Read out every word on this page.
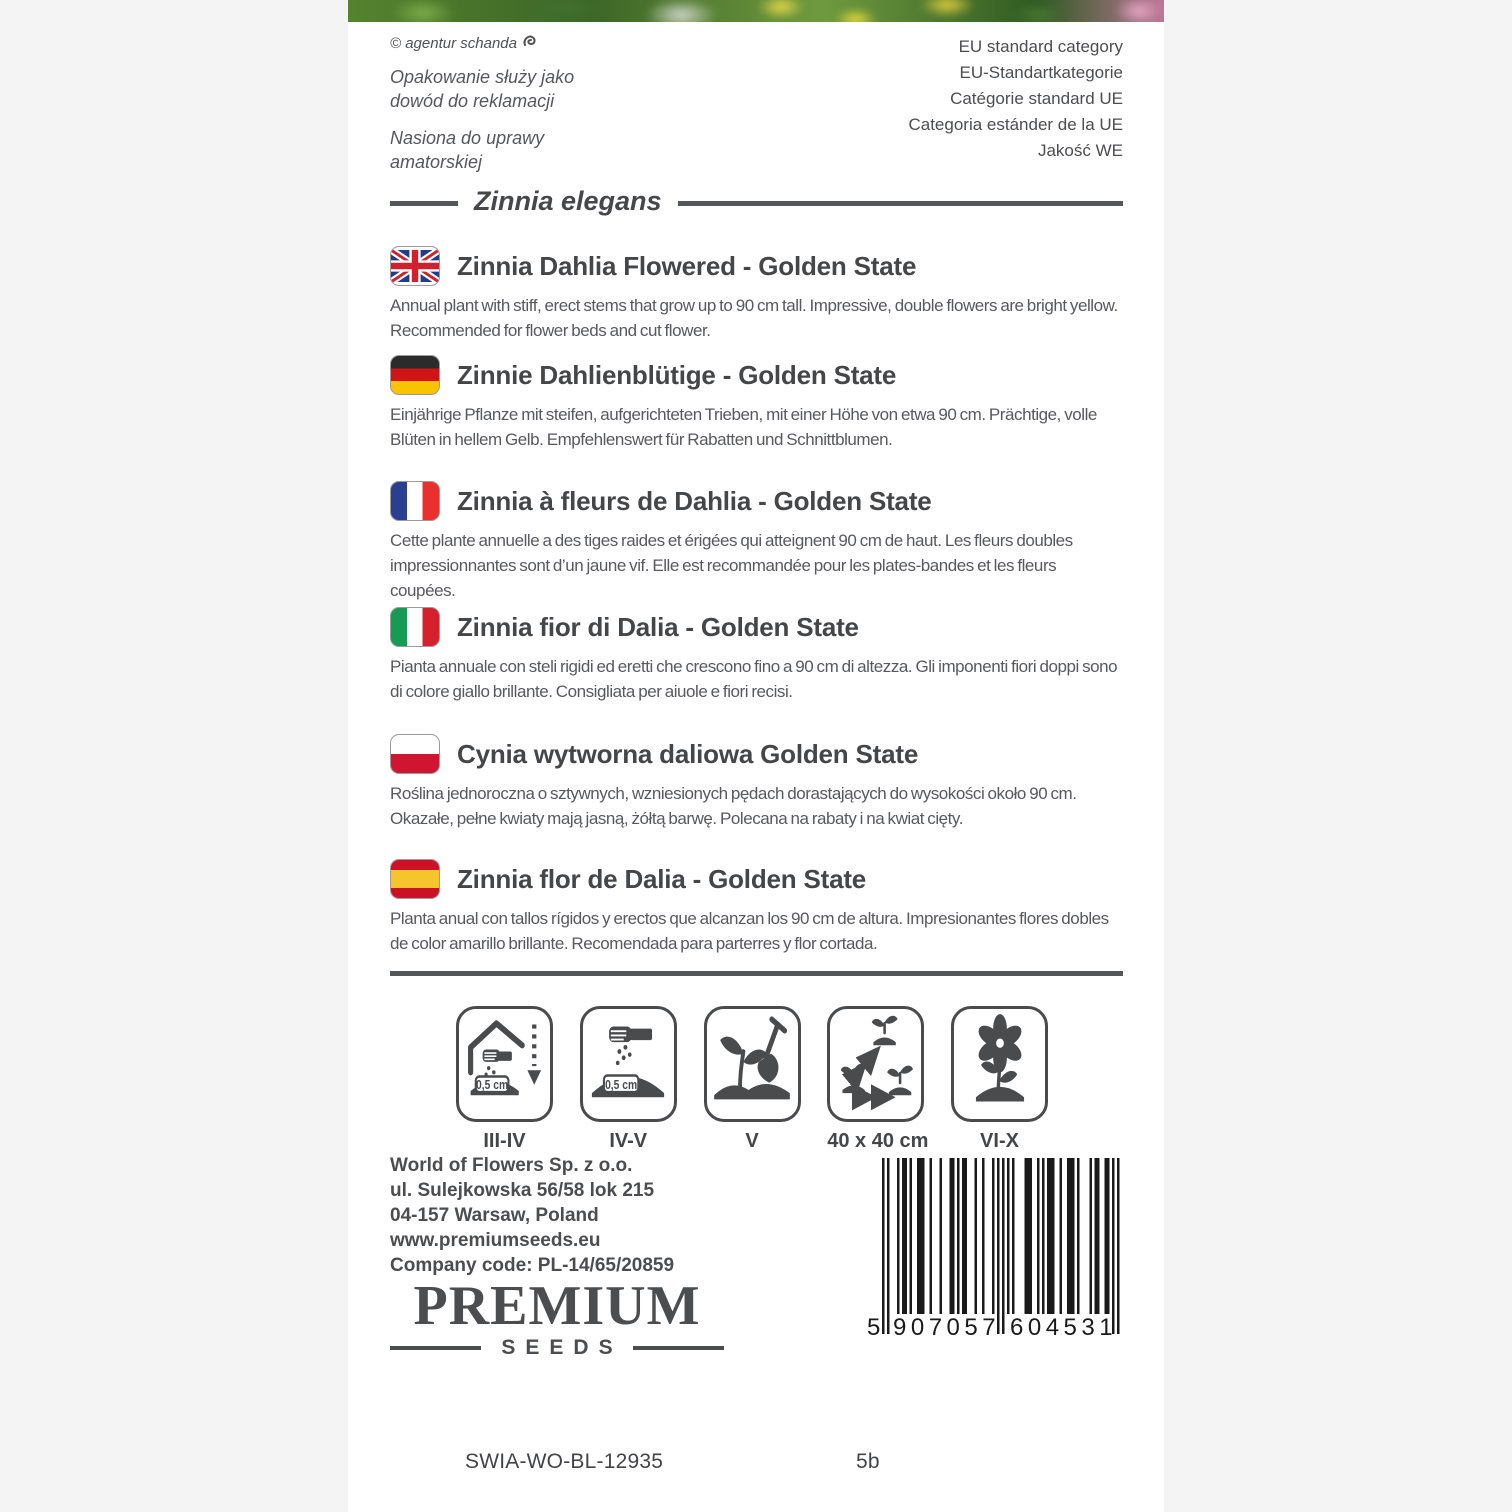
© agentur schanda
Opakowanie służy jako
dowód do reklamacji
Nasiona do uprawy
amatorskiej
EU standard category
EU-Standartkategorie
Catégorie standard UE
Categoria estánder de la UE
Jakość WE
Zinnia elegans
Zinnia Dahlia Flowered - Golden State
Annual plant with stiff, erect stems that grow up to 90 cm tall. Impressive, double flowers are bright yellow. Recommended for flower beds and cut flower.
Zinnie Dahlienblütige - Golden State
Einjährige Pflanze mit steifen, aufgerichteten Trieben, mit einer Höhe von etwa 90 cm. Prächtige, volle Blüten in hellem Gelb. Empfehlenswert für Rabatten und Schnittblumen.
Zinnia à fleurs de Dahlia - Golden State
Cette plante annuelle a des tiges raides et érigées qui atteignent 90 cm de haut. Les fleurs doubles impressionnantes sont d’un jaune vif. Elle est recommandée pour les plates-bandes et les fleurs coupées.
Zinnia fior di Dalia - Golden State
Pianta annuale con steli rigidi ed eretti che crescono fino a 90 cm di altezza. Gli imponenti fiori doppi sono di colore giallo brillante. Consigliata per aiuole e fiori recisi.
Cynia wytworna daliowa Golden State
Roślina jednoroczna o sztywnych, wzniesionych pędach dorastających do wysokości około 90 cm. Okazałe, pełne kwiaty mają jasną, żółtą barwę. Polecana na rabaty i na kwiat cięty.
Zinnia flor de Dalia - Golden State
Planta anual con tallos rígidos y erectos que alcanzan los 90 cm de altura. Impresionantes flores dobles de color amarillo brillante. Recomendada para parterres y flor cortada.
0,5 cm
III-IV
0,5 cm
IV-V	V	40 x 40 cm	VI-X
World of Flowers Sp. z o.o.
ul. Sulejkowska 56/58 lok 215
04-157 Warsaw, Poland
www.premiumseeds.eu
Company code: PL-14/65/20859
PREMIUM
SEEDS
5 907057 604531
SWIA-WO-BL-12935	5b
